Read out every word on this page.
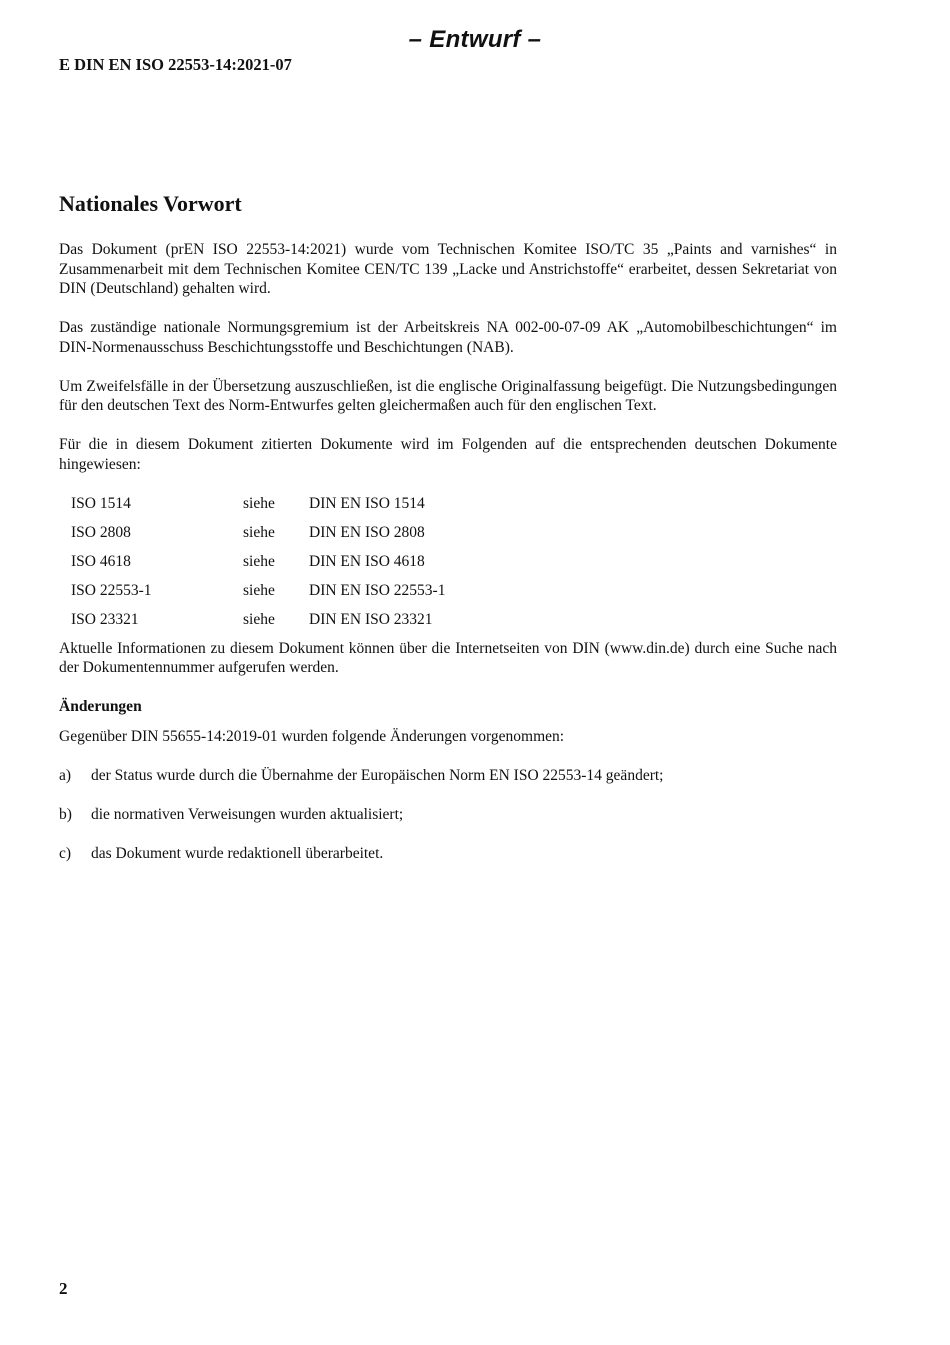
– Entwurf –
E DIN EN ISO 22553-14:2021-07
Nationales Vorwort

Das Dokument (prEN ISO 22553-14:2021) wurde vom Technischen Komitee ISO/TC 35 „Paints and varnishes“ in Zusammenarbeit mit dem Technischen Komitee CEN/TC 139 „Lacke und Anstrichstoffe“ erarbeitet, dessen Sekretariat von DIN (Deutschland) gehalten wird.

Das zuständige nationale Normungsgremium ist der Arbeitskreis NA 002-00-07-09 AK „Automobilbeschichtungen“ im DIN-Normenausschuss Beschichtungsstoffe und Beschichtungen (NAB).

Um Zweifelsfälle in der Übersetzung auszuschließen, ist die englische Originalfassung beigefügt. Die Nutzungsbedingungen für den deutschen Text des Norm-Entwurfes gelten gleichermaßen auch für den englischen Text.

Für die in diesem Dokument zitierten Dokumente wird im Folgenden auf die entsprechenden deutschen Dokumente hingewiesen:

ISO 1514	siehe	DIN EN ISO 1514
ISO 2808	siehe	DIN EN ISO 2808
ISO 4618	siehe	DIN EN ISO 4618
ISO 22553-1	siehe	DIN EN ISO 22553-1
ISO 23321	siehe	DIN EN ISO 23321

Aktuelle Informationen zu diesem Dokument können über die Internetseiten von DIN (www.din.de) durch eine Suche nach der Dokumentennummer aufgerufen werden.

Änderungen

Gegenüber DIN 55655-14:2019-01 wurden folgende Änderungen vorgenommen:

a)	der Status wurde durch die Übernahme der Europäischen Norm EN ISO 22553-14 geändert;
b)	die normativen Verweisungen wurden aktualisiert;
c)	das Dokument wurde redaktionell überarbeitet.
2
